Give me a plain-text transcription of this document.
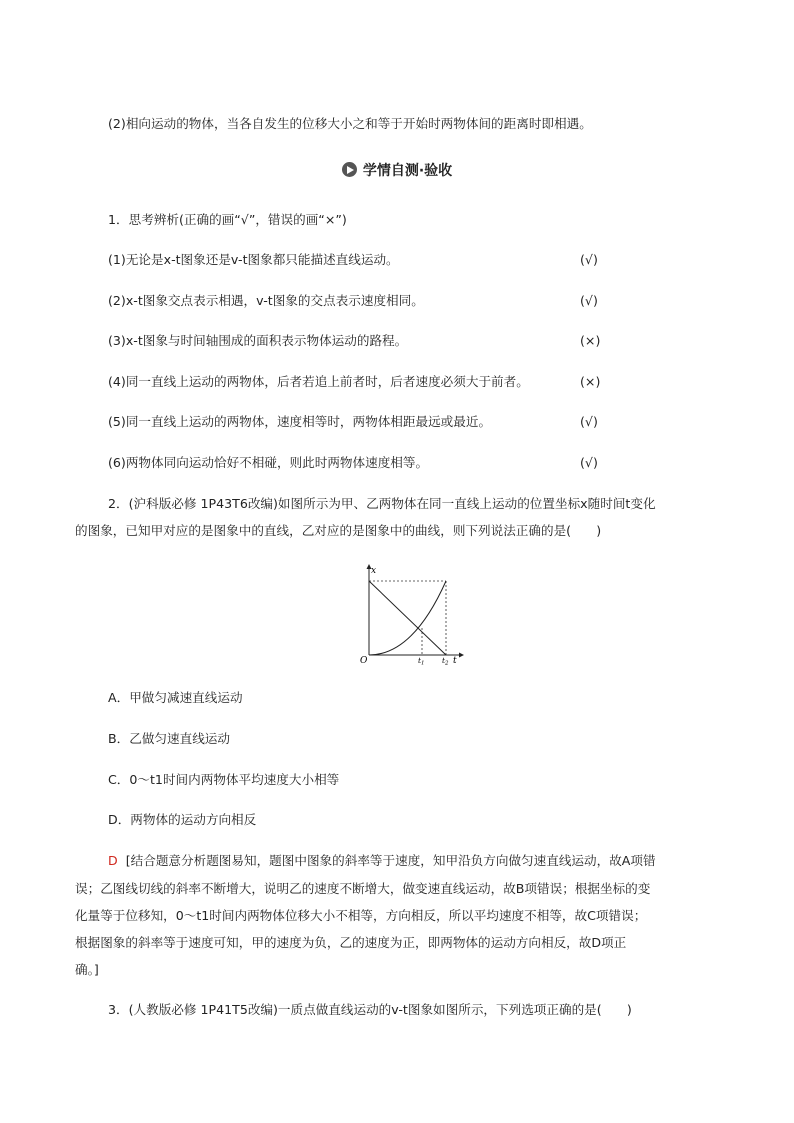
(2)相向运动的物体，当各自发生的位移大小之和等于开始时两物体间的距离时即相遇。
学情自测·验收
1．思考辨析(正确的画“√”，错误的画“×”)
(1)无论是x-t图象还是v-t图象都只能描述直线运动。	(√)
(2)x-t图象交点表示相遇，v-t图象的交点表示速度相同。	(√)
(3)x-t图象与时间轴围成的面积表示物体运动的路程。	(×)
(4)同一直线上运动的两物体，后者若追上前者时，后者速度必须大于前者。	(×)
(5)同一直线上运动的两物体，速度相等时，两物体相距最远或最近。	(√)
(6)两物体同向运动恰好不相碰，则此时两物体速度相等。	(√)
2．(沪科版必修 1P43T6改编)如图所示为甲、乙两物体在同一直线上运动的位置坐标x随时间t变化
的图象，已知甲对应的是图象中的直线，乙对应的是图象中的曲线，则下列说法正确的是(　　)
x
O	$t_1$ $t_2$ t
A．甲做匀减速直线运动
B．乙做匀速直线运动
C．0～t1时间内两物体平均速度大小相等
D．两物体的运动方向相反
D [结合题意分析题图易知，题图中图象的斜率等于速度，知甲沿负方向做匀速直线运动，故A项错
误；乙图线切线的斜率不断增大，说明乙的速度不断增大，做变速直线运动，故B项错误；根据坐标的变
化量等于位移知，0～t1时间内两物体位移大小不相等，方向相反，所以平均速度不相等，故C项错误；
根据图象的斜率等于速度可知，甲的速度为负，乙的速度为正，即两物体的运动方向相反，故D项正
确。]
3．(人教版必修 1P41T5改编)一质点做直线运动的v-t图象如图所示，下列选项正确的是(　　)
